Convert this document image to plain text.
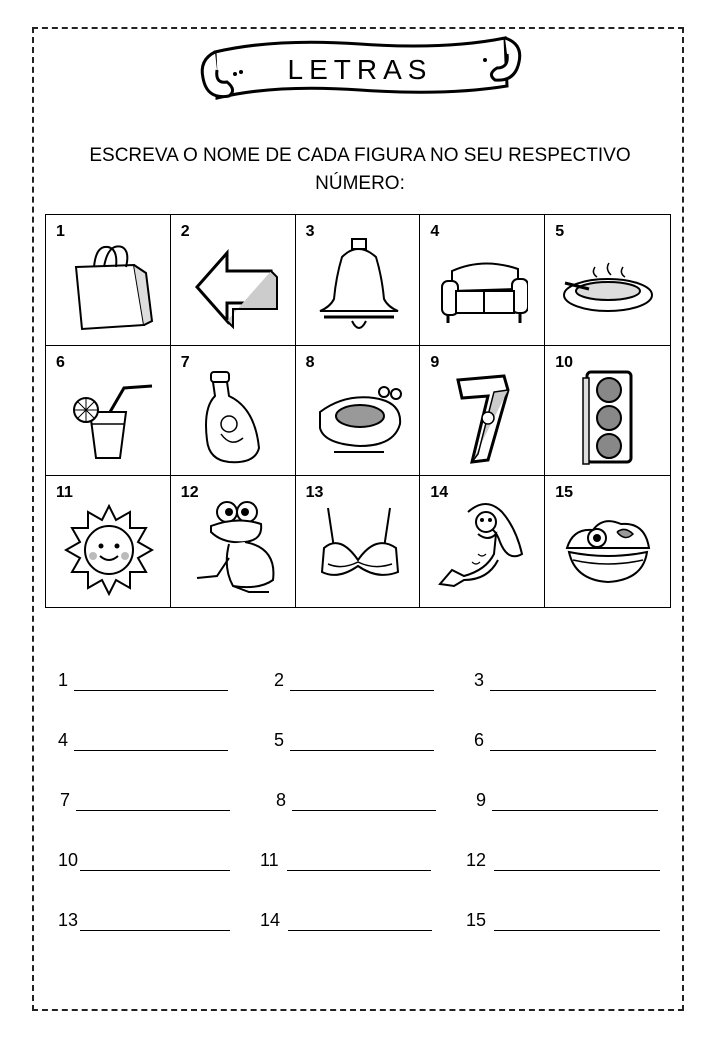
LETRAS
ESCREVA O NOME DE CADA FIGURA NO SEU RESPECTIVO NÚMERO:
1	2	3	4	5
6	7	8	9	10
11	12	13	14	15
1	2	3
4	5	6
7	8	9
10	11	12
13	14	15
